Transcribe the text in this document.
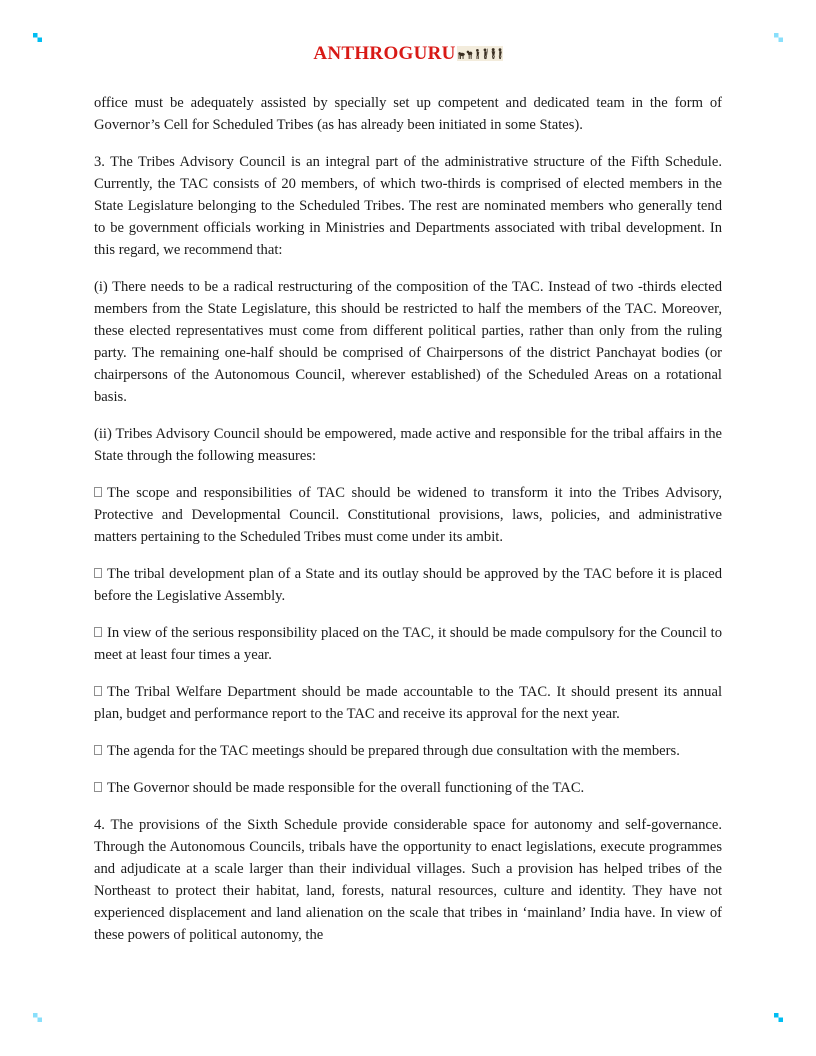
ANTHROGURU

office must be adequately assisted by specially set up competent and dedicated team in the form of Governor’s Cell for Scheduled Tribes (as has already been initiated in some States).

3. The Tribes Advisory Council is an integral part of the administrative structure of the Fifth Schedule. Currently, the TAC consists of 20 members, of which two-thirds is comprised of elected members in the State Legislature belonging to the Scheduled Tribes. The rest are nominated members who generally tend to be government officials working in Ministries and Departments associated with tribal development. In this regard, we recommend that:

(i) There needs to be a radical restructuring of the composition of the TAC. Instead of two -thirds elected members from the State Legislature, this should be restricted to half the members of the TAC. Moreover, these elected representatives must come from different political parties, rather than only from the ruling party. The remaining one-half should be comprised of Chairpersons of the district Panchayat bodies (or chairpersons of the Autonomous Council, wherever established) of the Scheduled Areas on a rotational basis.

(ii) Tribes Advisory Council should be empowered, made active and responsible for the tribal affairs in the State through the following measures:

The scope and responsibilities of TAC should be widened to transform it into the Tribes Advisory, Protective and Developmental Council. Constitutional provisions, laws, policies, and administrative matters pertaining to the Scheduled Tribes must come under its ambit.

The tribal development plan of a State and its outlay should be approved by the TAC before it is placed before the Legislative Assembly.

In view of the serious responsibility placed on the TAC, it should be made compulsory for the Council to meet at least four times a year.

The Tribal Welfare Department should be made accountable to the TAC. It should present its annual plan, budget and performance report to the TAC and receive its approval for the next year.

The agenda for the TAC meetings should be prepared through due consultation with the members.

The Governor should be made responsible for the overall functioning of the TAC.

4. The provisions of the Sixth Schedule provide considerable space for autonomy and self-governance. Through the Autonomous Councils, tribals have the opportunity to enact legislations, execute programmes and adjudicate at a scale larger than their individual villages. Such a provision has helped tribes of the Northeast to protect their habitat, land, forests, natural resources, culture and identity. They have not experienced displacement and land alienation on the scale that tribes in ‘mainland’ India have. In view of these powers of political autonomy, the
